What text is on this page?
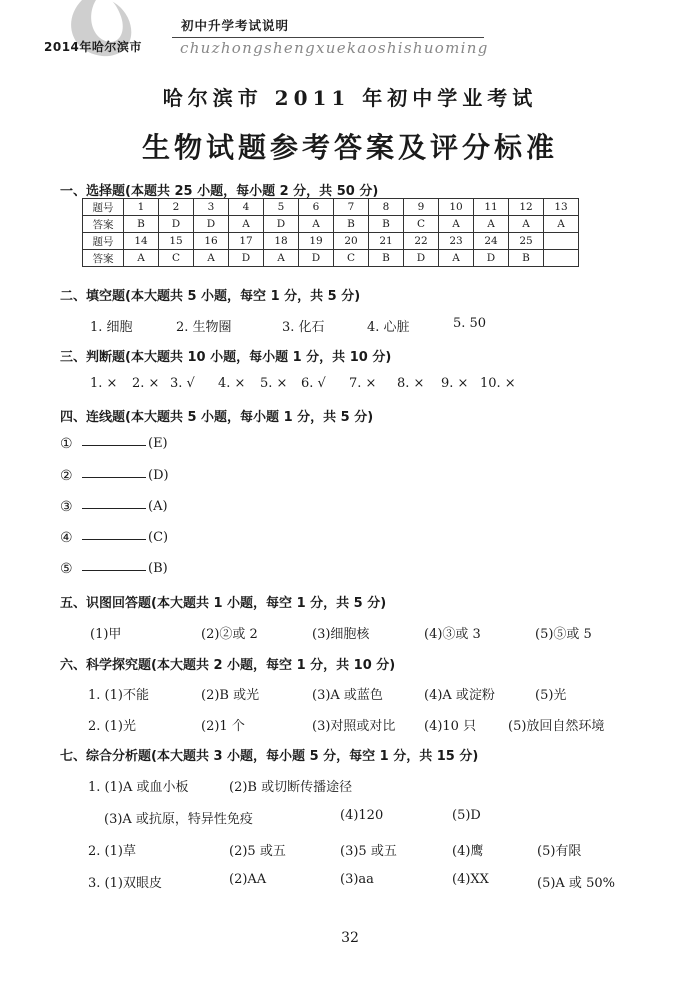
2014年哈尔滨市
初中升学考试说明
chuzhongshengxuekaoshishuoming
哈尔滨市 2011 年初中学业考试
生物试题参考答案及评分标准
一、选择题(本题共 25 小题，每小题 2 分，共 50 分)
题号	1	2	3	4	5	6	7	8	9	10	11	12	13
答案	B	D	D	A	D	A	B	B	C	A	A	A	A
题号	14	15	16	17	18	19	20	21	22	23	24	25	
答案	A	C	A	D	A	D	C	B	D	A	D	B	
二、填空题(本大题共 5 小题，每空 1 分，共 5 分)
1. 细胞	2. 生物圈	3. 化石	4. 心脏	5. 50
三、判断题(本大题共 10 小题，每小题 1 分，共 10 分)
1. × 2. × 3. √ 4. × 5. × 6. √ 7. × 8. × 9. × 10. ×
四、连线题(本大题共 5 小题，每小题 1 分，共 5 分)
①	(E)
②	(D)
③	(A)
④	(C)
⑤	(B)
五、识图回答题(本大题共 1 小题，每空 1 分，共 5 分)
(1)甲	(2)②或 2	(3)细胞核	(4)③或 3	(5)⑤或 5
六、科学探究题(本大题共 2 小题，每空 1 分，共 10 分)
1. (1)不能	(2)B 或光	(3)A 或蓝色	(4)A 或淀粉	(5)光
2. (1)光	(2)1 个	(3)对照或对比 (4)10 只 (5)放回自然环境
七、综合分析题(本大题共 3 小题，每小题 5 分，每空 1 分，共 15 分)
1. (1)A 或血小板	(2)B 或切断传播途径
(3)A 或抗原，特异性免疫	(4)120	(5)D
2. (1)草	(2)5 或五	(3)5 或五	(4)鹰	(5)有限
3. (1)双眼皮	(2)AA	(3)aa	(4)XX	(5)A 或 50%
32
